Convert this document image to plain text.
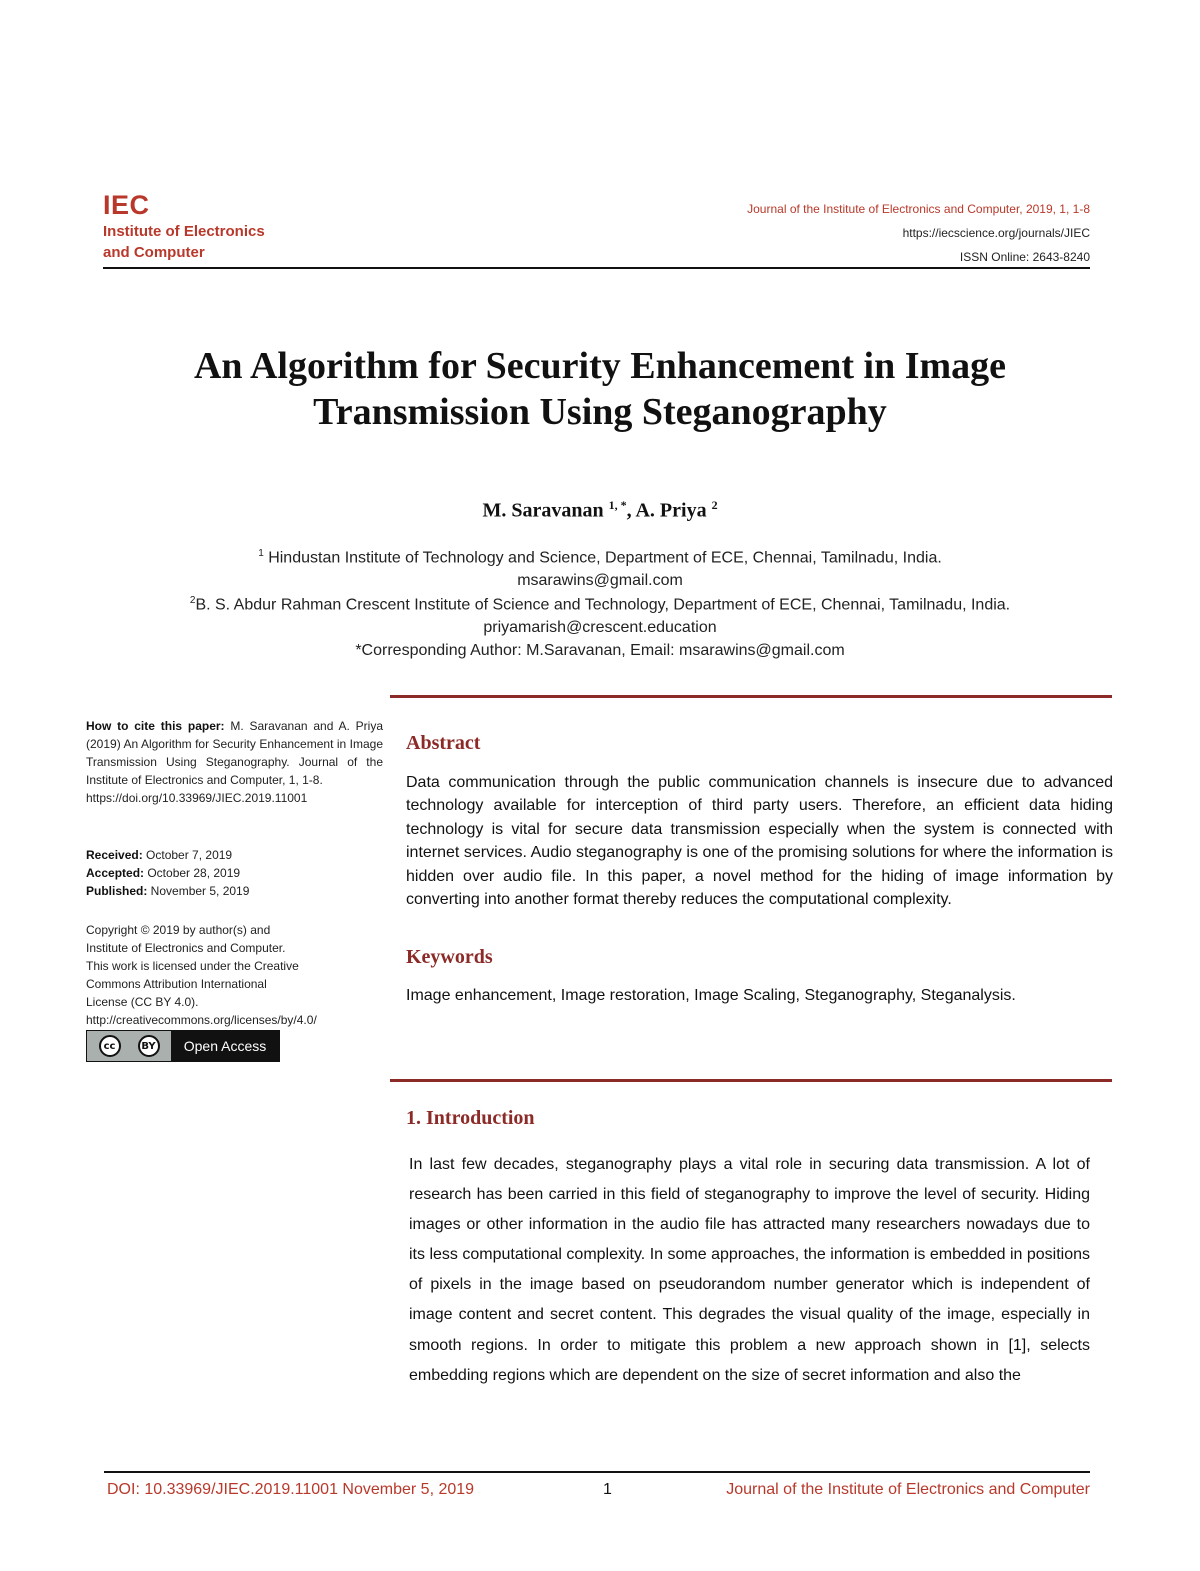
IEC
Institute of Electronics
and Computer
Journal of the Institute of Electronics and Computer, 2019, 1, 1-8
https://iecscience.org/journals/JIEC
ISSN Online: 2643-8240
An Algorithm for Security Enhancement in Image
Transmission Using Steganography
M. Saravanan $^{1, *}$, A. Priya $^2$
$^1$ Hindustan Institute of Technology and Science, Department of ECE, Chennai, Tamilnadu, India.
msarawins@gmail.com
$^2$B. S. Abdur Rahman Crescent Institute of Science and Technology, Department of ECE, Chennai, Tamilnadu, India.
priyamarish@crescent.education
*Corresponding Author: M.Saravanan, Email: msarawins@gmail.com
How to cite this paper: M. Saravanan and A. Priya (2019) An Algorithm for Security Enhancement in Image Transmission Using Steganography. Journal of the Institute of Electronics and Computer, 1, 1-8.
https://doi.org/10.33969/JIEC.2019.11001
Received: October 7, 2019
Accepted: October 28, 2019
Published: November 5, 2019
Copyright © 2019 by author(s) and
Institute of Electronics and Computer.
This work is licensed under the Creative
Commons Attribution International
License (CC BY 4.0).
http://creativecommons.org/licenses/by/4.0/
cc	BY	Open Access
Abstract
Data communication through the public communication channels is insecure due to advanced technology available for interception of third party users. Therefore, an efficient data hiding technology is vital for secure data transmission especially when the system is connected with internet services. Audio steganography is one of the promising solutions for where the information is hidden over audio file. In this paper, a novel method for the hiding of image information by converting into another format thereby reduces the computational complexity.
Keywords
Image enhancement, Image restoration, Image Scaling, Steganography, Steganalysis.
1. Introduction
In last few decades, steganography plays a vital role in securing data transmission. A lot of research has been carried in this field of steganography to improve the level of security. Hiding images or other information in the audio file has attracted many researchers nowadays due to its less computational complexity. In some approaches, the information is embedded in positions of pixels in the image based on pseudorandom number generator which is independent of image content and secret content. This degrades the visual quality of the image, especially in smooth regions. In order to mitigate this problem a new approach shown in [1], selects embedding regions which are dependent on the size of secret information and also the
DOI: 10.33969/JIEC.2019.11001 November 5, 2019	1	Journal of the Institute of Electronics and Computer
